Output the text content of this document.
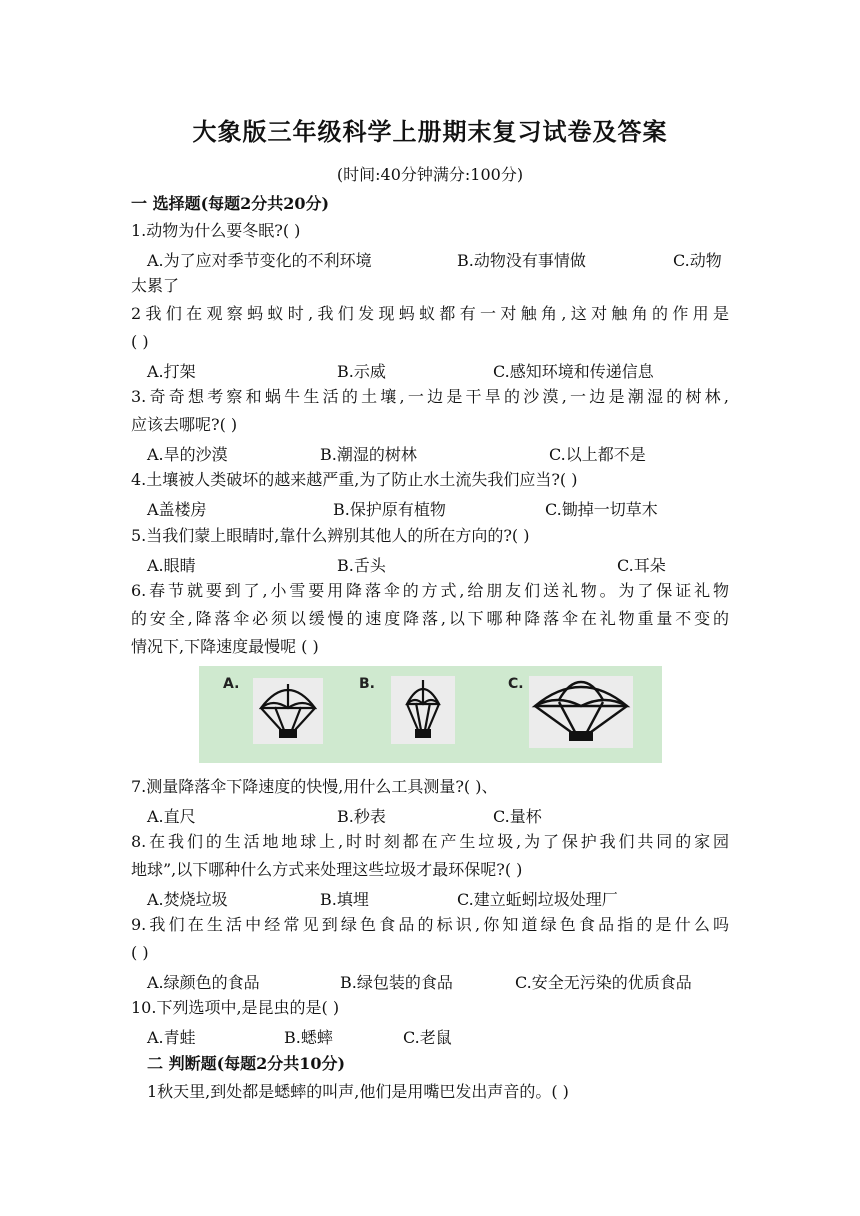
大象版三年级科学上册期末复习试卷及答案
(时间:40分钟满分:100分)
一 选择题(每题2分共20分)
1.动物为什么要冬眠?( )
A.为了应对季节变化的不利环境	B.动物没有事情做	C.动物
太累了
2我们在观察蚂蚁时,我们发现蚂蚁都有一对触角,这对触角的作用是
( )
A.打架	B.示威	C.感知环境和传递信息
3.奇奇想考察和蜗牛生活的土壤,一边是干旱的沙漠,一边是潮湿的树林,
应该去哪呢?( )
A.旱的沙漠	B.潮湿的树林	C.以上都不是
4.土壤被人类破坏的越来越严重,为了防止水土流失我们应当?( )
A盖楼房	B.保护原有植物	C.锄掉一切草木
5.当我们蒙上眼睛时,靠什么辨别其他人的所在方向的?( )
A.眼睛	B.舌头	C.耳朵
6.春节就要到了,小雪要用降落伞的方式,给朋友们送礼物。为了保证礼物
的安全,降落伞必须以缓慢的速度降落,以下哪种降落伞在礼物重量不变的
情况下,下降速度最慢呢 ( )
A.	B.	C.
7.测量降落伞下降速度的快慢,用什么工具测量?( )、
A.直尺	B.秒表	C.量杯
8.在我们的生活地地球上,时时刻都在产生垃圾,为了保护我们共同的家园
地球”,以下哪种什么方式来处理这些垃圾才最环保呢?( )
A.焚烧垃圾	B.填埋	C.建立蚯蚓垃圾处理厂
9.我们在生活中经常见到绿色食品的标识,你知道绿色食品指的是什么吗
( )
A.绿颜色的食品	B.绿包装的食品	C.安全无污染的优质食品
10.下列选项中,是昆虫的是( )
A.青蛙	B.蟋蟀	C.老鼠
二 判断题(每题2分共10分)
1秋天里,到处都是蟋蟀的叫声,他们是用嘴巴发出声音的。( )
